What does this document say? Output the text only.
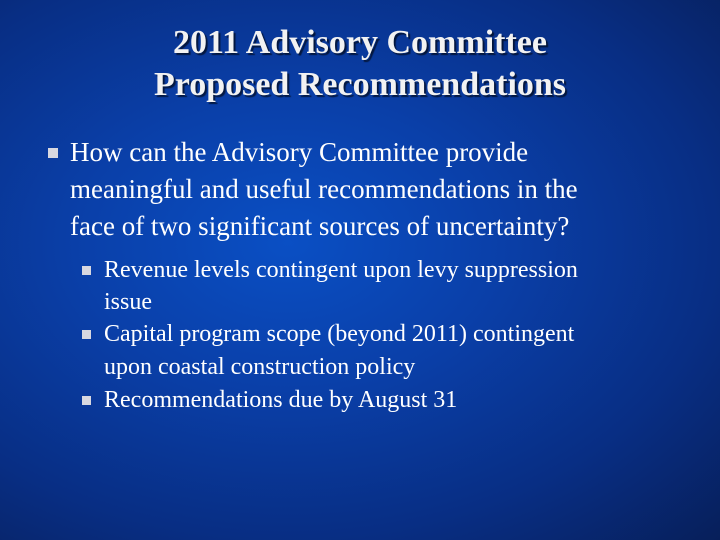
2011 Advisory Committee
Proposed Recommendations
How can the Advisory Committee provide
meaningful and useful recommendations in the
face of two significant sources of uncertainty?
Revenue levels contingent upon levy suppression
issue
Capital program scope (beyond 2011) contingent
upon coastal construction policy
Recommendations due by August 31
